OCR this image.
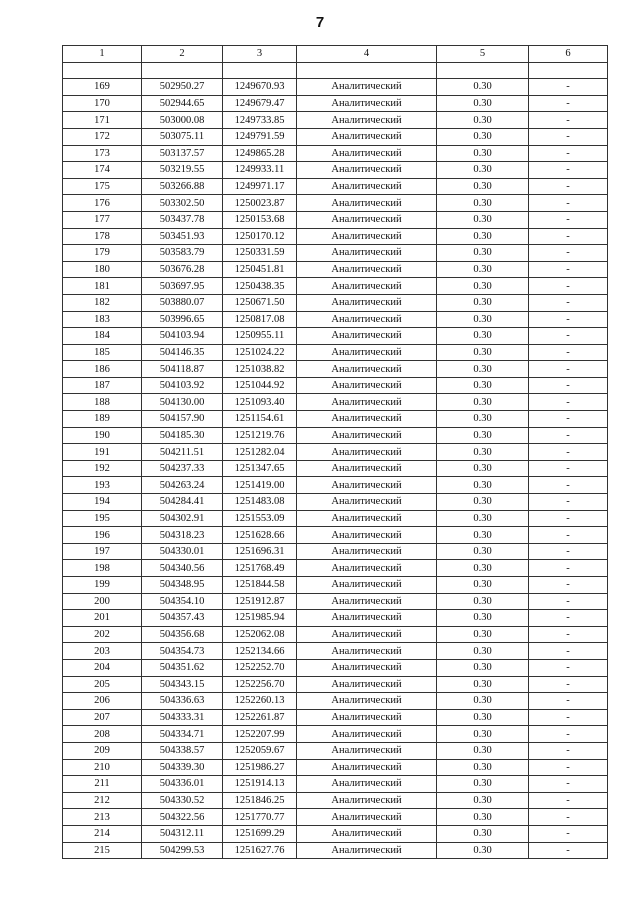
7
1	2	3	4	5	6

169	502950.27	1249670.93	Аналитический	0.30	-
170	502944.65	1249679.47	Аналитический	0.30	-
171	503000.08	1249733.85	Аналитический	0.30	-
172	503075.11	1249791.59	Аналитический	0.30	-
173	503137.57	1249865.28	Аналитический	0.30	-
174	503219.55	1249933.11	Аналитический	0.30	-
175	503266.88	1249971.17	Аналитический	0.30	-
176	503302.50	1250023.87	Аналитический	0.30	-
177	503437.78	1250153.68	Аналитический	0.30	-
178	503451.93	1250170.12	Аналитический	0.30	-
179	503583.79	1250331.59	Аналитический	0.30	-
180	503676.28	1250451.81	Аналитический	0.30	-
181	503697.95	1250438.35	Аналитический	0.30	-
182	503880.07	1250671.50	Аналитический	0.30	-
183	503996.65	1250817.08	Аналитический	0.30	-
184	504103.94	1250955.11	Аналитический	0.30	-
185	504146.35	1251024.22	Аналитический	0.30	-
186	504118.87	1251038.82	Аналитический	0.30	-
187	504103.92	1251044.92	Аналитический	0.30	-
188	504130.00	1251093.40	Аналитический	0.30	-
189	504157.90	1251154.61	Аналитический	0.30	-
190	504185.30	1251219.76	Аналитический	0.30	-
191	504211.51	1251282.04	Аналитический	0.30	-
192	504237.33	1251347.65	Аналитический	0.30	-
193	504263.24	1251419.00	Аналитический	0.30	-
194	504284.41	1251483.08	Аналитический	0.30	-
195	504302.91	1251553.09	Аналитический	0.30	-
196	504318.23	1251628.66	Аналитический	0.30	-
197	504330.01	1251696.31	Аналитический	0.30	-
198	504340.56	1251768.49	Аналитический	0.30	-
199	504348.95	1251844.58	Аналитический	0.30	-
200	504354.10	1251912.87	Аналитический	0.30	-
201	504357.43	1251985.94	Аналитический	0.30	-
202	504356.68	1252062.08	Аналитический	0.30	-
203	504354.73	1252134.66	Аналитический	0.30	-
204	504351.62	1252252.70	Аналитический	0.30	-
205	504343.15	1252256.70	Аналитический	0.30	-
206	504336.63	1252260.13	Аналитический	0.30	-
207	504333.31	1252261.87	Аналитический	0.30	-
208	504334.71	1252207.99	Аналитический	0.30	-
209	504338.57	1252059.67	Аналитический	0.30	-
210	504339.30	1251986.27	Аналитический	0.30	-
211	504336.01	1251914.13	Аналитический	0.30	-
212	504330.52	1251846.25	Аналитический	0.30	-
213	504322.56	1251770.77	Аналитический	0.30	-
214	504312.11	1251699.29	Аналитический	0.30	-
215	504299.53	1251627.76	Аналитический	0.30	-
